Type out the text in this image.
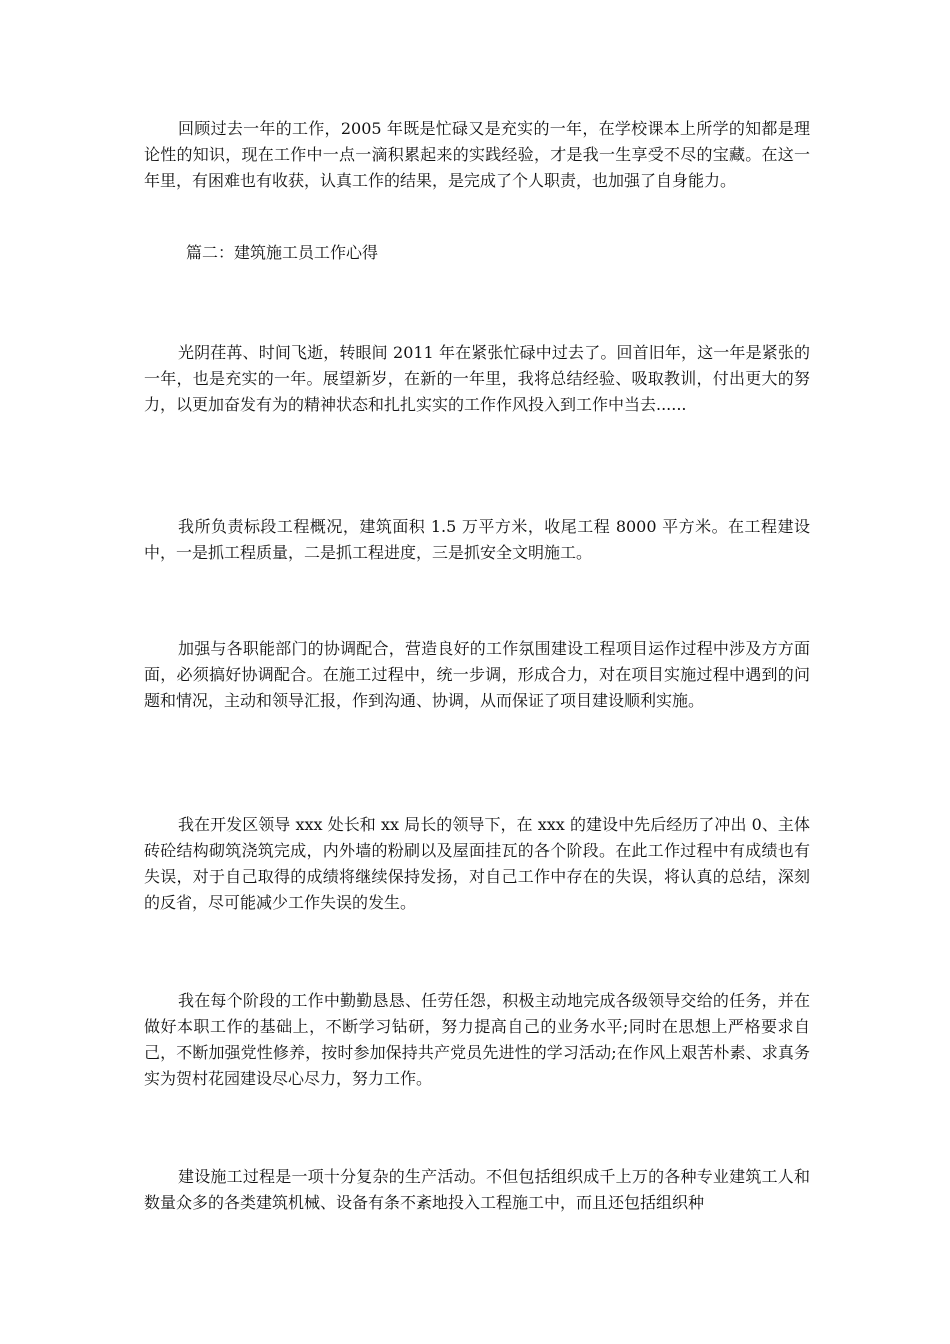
回顾过去一年的工作，2005 年既是忙碌又是充实的一年，在学校课本上所学的知都是理论性的知识，现在工作中一点一滴积累起来的实践经验，才是我一生享受不尽的宝藏。在这一年里，有困难也有收获，认真工作的结果，是完成了个人职责，也加强了自身能力。

篇二：建筑施工员工作心得

光阴荏苒、时间飞逝，转眼间 2011 年在紧张忙碌中过去了。回首旧年，这一年是紧张的一年，也是充实的一年。展望新岁，在新的一年里，我将总结经验、吸取教训，付出更大的努力，以更加奋发有为的精神状态和扎扎实实的工作作风投入到工作中当去......

我所负责标段工程概况，建筑面积 1.5 万平方米，收尾工程 8000 平方米。在工程建设中，一是抓工程质量，二是抓工程进度，三是抓安全文明施工。

加强与各职能部门的协调配合，营造良好的工作氛围建设工程项目运作过程中涉及方方面面，必须搞好协调配合。在施工过程中，统一步调，形成合力，对在项目实施过程中遇到的问题和情况，主动和领导汇报，作到沟通、协调，从而保证了项目建设顺利实施。

我在开发区领导 xxx 处长和 xx 局长的领导下，在 xxx 的建设中先后经历了冲出 0、主体砖砼结构砌筑浇筑完成，内外墙的粉刷以及屋面挂瓦的各个阶段。在此工作过程中有成绩也有失误，对于自己取得的成绩将继续保持发扬，对自己工作中存在的失误，将认真的总结，深刻的反省，尽可能减少工作失误的发生。

我在每个阶段的工作中勤勤恳恳、任劳任怨，积极主动地完成各级领导交给的任务，并在做好本职工作的基础上，不断学习钻研，努力提高自己的业务水平;同时在思想上严格要求自己，不断加强党性修养，按时参加保持共产党员先进性的学习活动;在作风上艰苦朴素、求真务实为贺村花园建设尽心尽力，努力工作。

建设施工过程是一项十分复杂的生产活动。不但包括组织成千上万的各种专业建筑工人和数量众多的各类建筑机械、设备有条不紊地投入工程施工中，而且还包括组织种
